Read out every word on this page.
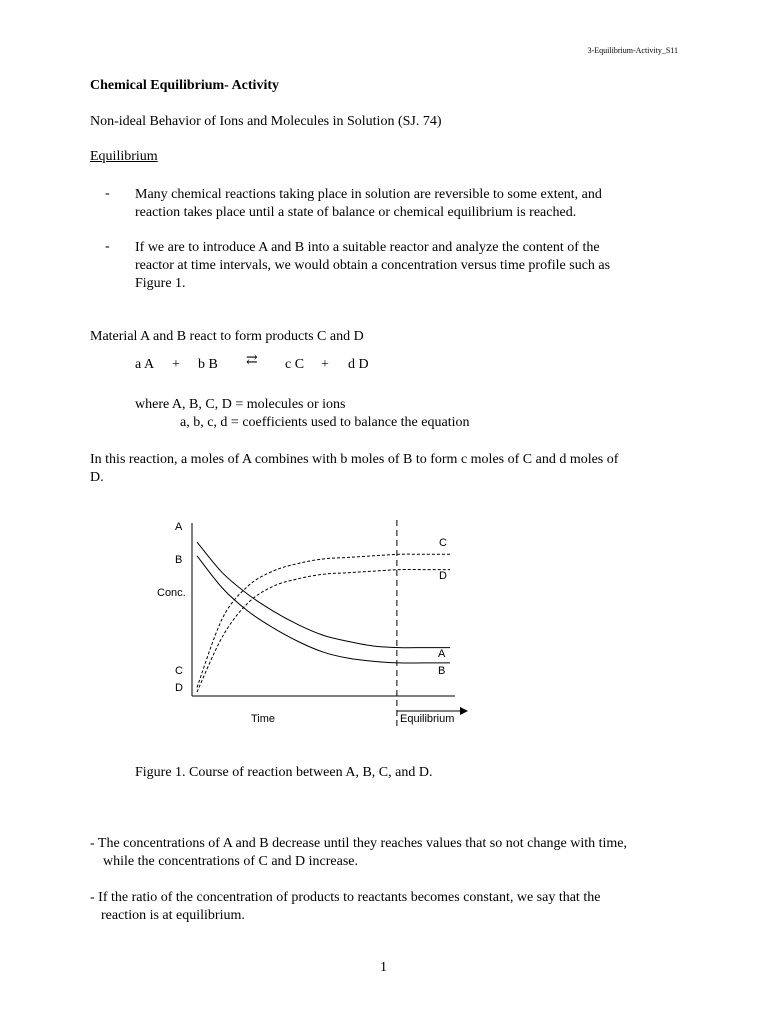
3-Equilibrium-Activity_S11
Chemical Equilibrium- Activity
Non-ideal Behavior of Ions and Molecules in Solution (SJ. 74)
Equilibrium
- Many chemical reactions taking place in solution are reversible to some extent, and
reaction takes place until a state of balance or chemical equilibrium is reached.
- If we are to introduce A and B into a suitable reactor and analyze the content of the
reactor at time intervals, we would obtain a concentration versus time profile such as
Figure 1.
Material A and B react to form products C and D
a A + b B ⇄ c C + d D
where A, B, C, D = molecules or ions
a, b, c, d = coefficients used to balance the equation
In this reaction, a moles of A combines with b moles of B to form c moles of C and d moles of
D.
Conc.
Time	Equilibrium
A
A
B
B
C
C
D
D
Figure 1. Course of reaction between A, B, C, and D.
- The concentrations of A and B decrease until they reaches values that so not change with time,
while the concentrations of C and D increase.
- If the ratio of the concentration of products to reactants becomes constant, we say that the
reaction is at equilibrium.
1
